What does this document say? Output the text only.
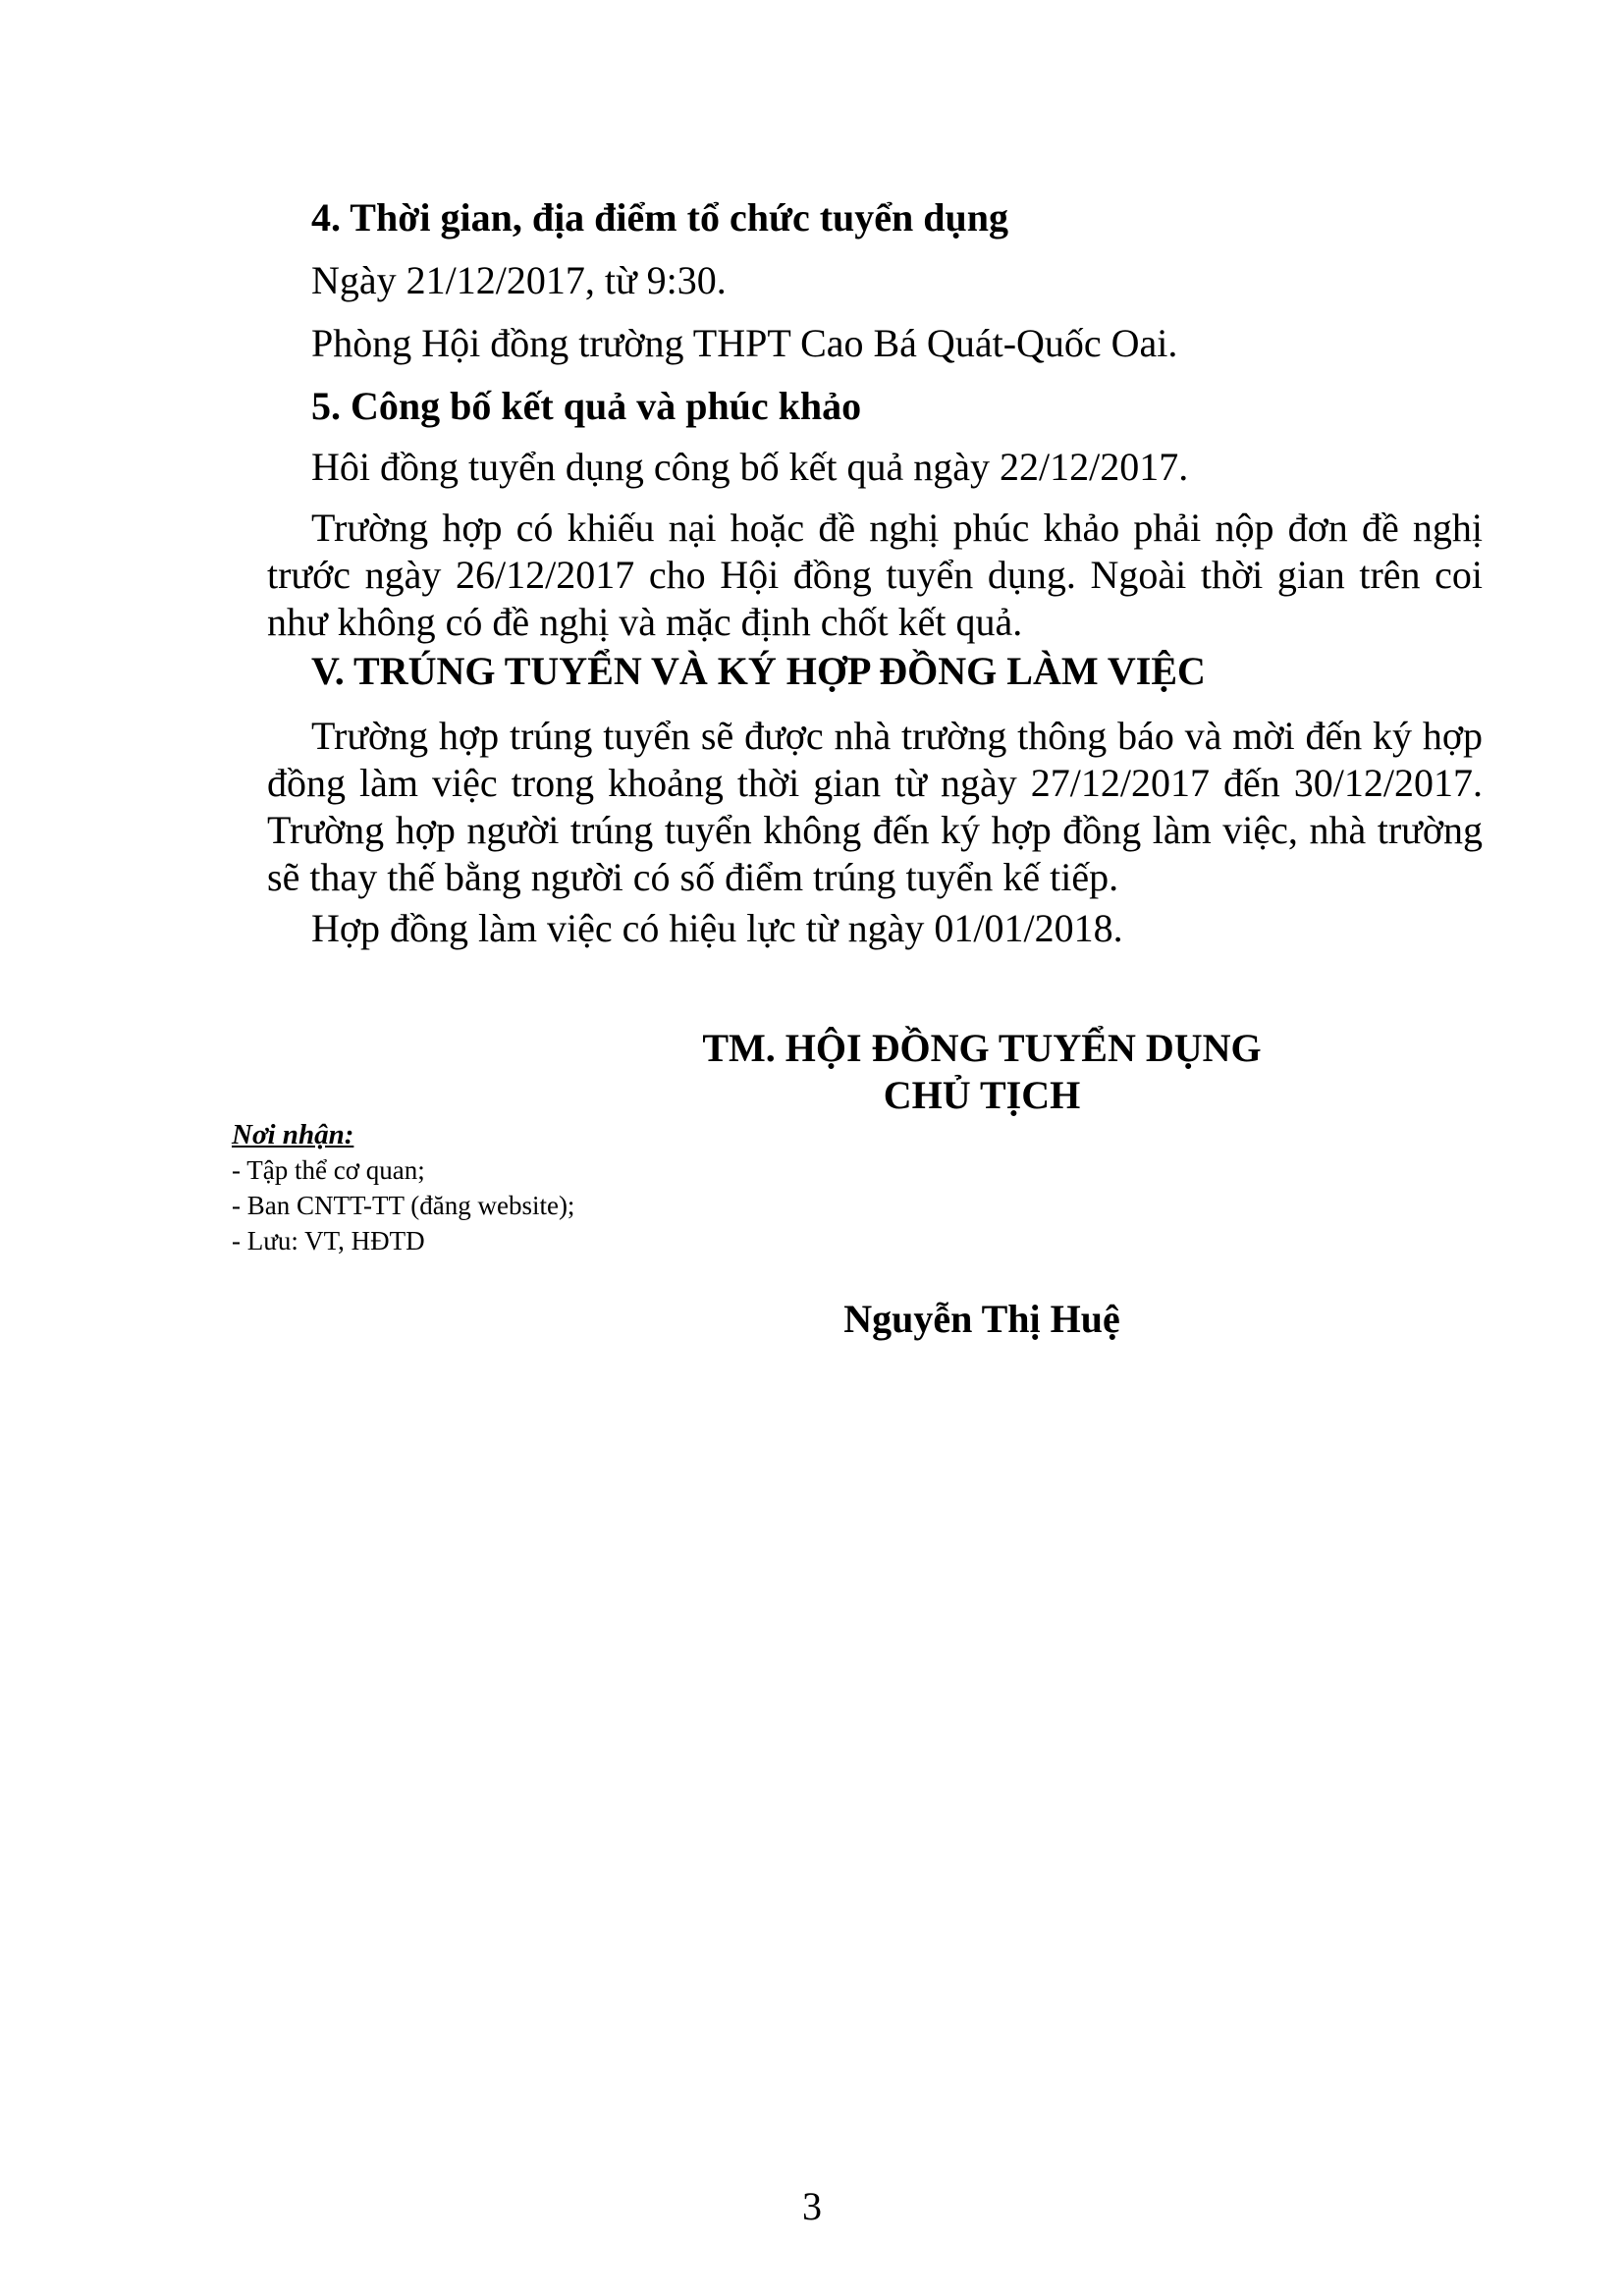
4. Thời gian, địa điểm tổ chức tuyển dụng
Ngày 21/12/2017, từ 9:30.
Phòng Hội đồng trường THPT Cao Bá Quát-Quốc Oai.
5. Công bố kết quả và phúc khảo
Hôi đồng tuyển dụng công bố kết quả ngày 22/12/2017.
Trường hợp có khiếu nại hoặc đề nghị phúc khảo phải nộp đơn đề nghị trước ngày 26/12/2017 cho Hội đồng tuyển dụng. Ngoài thời gian trên coi như không có đề nghị và mặc định chốt kết quả.
V. TRÚNG TUYỂN VÀ KÝ HỢP ĐỒNG LÀM VIỆC
Trường hợp trúng tuyển sẽ được nhà trường thông báo và mời đến ký hợp đồng làm việc trong khoảng thời gian từ ngày 27/12/2017 đến 30/12/2017. Trường hợp người trúng tuyển không đến ký hợp đồng làm việc, nhà trường sẽ thay thế bằng người có số điểm trúng tuyển kế tiếp.
Hợp đồng làm việc có hiệu lực từ ngày 01/01/2018.
TM. HỘI ĐỒNG TUYỂN DỤNG
CHỦ TỊCH
Nơi nhận:
- Tập thể cơ quan;
- Ban CNTT-TT (đăng website);
- Lưu: VT, HĐTD
Nguyễn Thị Huệ
3
